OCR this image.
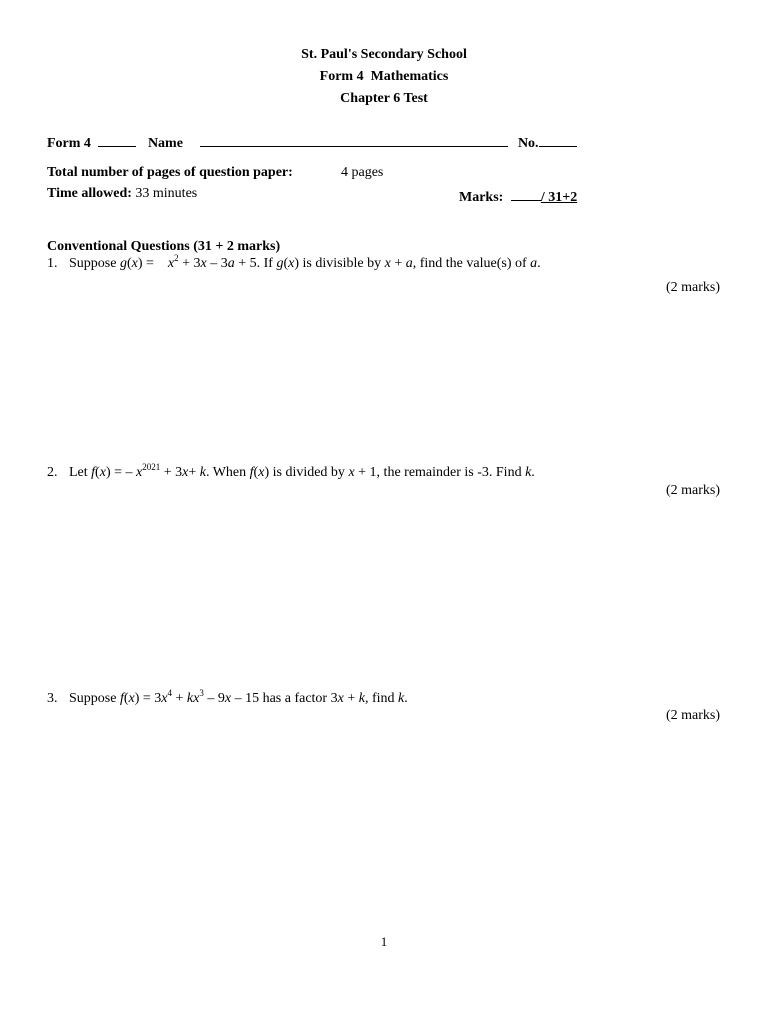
St. Paul's Secondary School
Form 4  Mathematics
Chapter 6 Test
Form 4	Name	No.
Total number of pages of question paper:	4 pages
Time allowed: 33 minutes	Marks:	/ 31+2
Conventional Questions (31 + 2 marks)
1. Suppose g(x) =    $x^2 + 3x - 3a + 5$. If g(x) is divisible by x + a, find the value(s) of a.
(2 marks)
2. Let f(x) = – $x^{2021} + 3x+ k$. When f(x) is divided by x + 1, the remainder is -3. Find k.
(2 marks)
3. Suppose $f(x) = 3x^4 + kx^3 - 9x - 15$ has a factor 3x + k, find k.
(2 marks)
1
